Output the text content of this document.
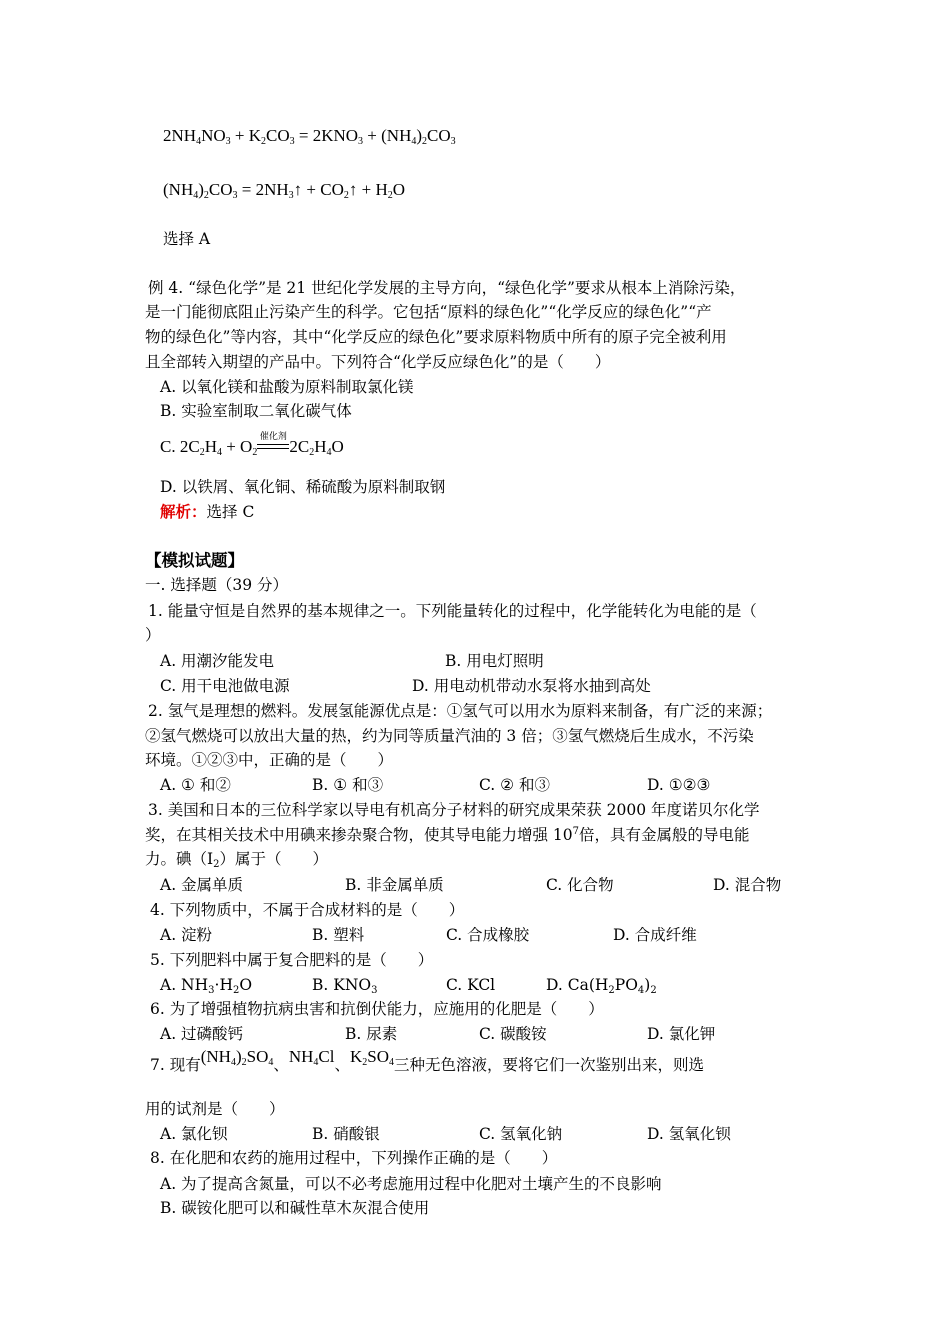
$2NH_4NO_3 + K_2CO_3 = 2KNO_3 + (NH_4)_2CO_3$
$(NH_4)_2CO_3$ = $2NH_3↑$ + $CO_2↑ + H_2O$
选择 A
例 4. “绿色化学”是 21 世纪化学发展的主导方向，“绿色化学”要求从根本上消除污染，
是一门能彻底阻止污染产生的科学。它包括“原料的绿色化”“化学反应的绿色化”“产
物的绿色化”等内容，其中“化学反应的绿色化”要求原料物质中所有的原子完全被利用
且全部转入期望的产品中。下列符合“化学反应绿色化”的是（　　）
A. 以氧化镁和盐酸为原料制取氯化镁
B. 实验室制取二氧化碳气体
C. $2C_2H_4 + O_2$
催化剂
$2C_2H_4O$
D. 以铁屑、氧化铜、稀硫酸为原料制取钢
解析：选择 C
【模拟试题】
一. 选择题（39 分）
1. 能量守恒是自然界的基本规律之一。下列能量转化的过程中，化学能转化为电能的是（
）
A. 用潮汐能发电	B. 用电灯照明
C. 用干电池做电源	D. 用电动机带动水泵将水抽到高处
2. 氢气是理想的燃料。发展氢能源优点是：①氢气可以用水为原料来制备，有广泛的来源；
②氢气燃烧可以放出大量的热，约为同等质量汽油的 3 倍；③氢气燃烧后生成水，不污染
环境。①②③中，正确的是（　　）
A. ① 和②	B. ① 和③	C. ② 和③	D. ①②③
3. 美国和日本的三位科学家以导电有机高分子材料的研究成果荣获 2000 年度诺贝尔化学
奖，在其相关技术中用碘来掺杂聚合物，使其导电能力增强 $10^7$倍，具有金属般的导电能
力。碘$(I_2)$属于（　　）
A. 金属单质	B. 非金属单质	C. 化合物	D. 混合物
4. 下列物质中，不属于合成材料的是（　　）
A. 淀粉	B. 塑料	C. 合成橡胶	D. 合成纤维
5. 下列肥料中属于复合肥料的是（　　）
A. $NH_3\cdot H_2O$	B. $KNO_3$	C. KCl	D. $Ca(H_2PO_4)_2$
6. 为了增强植物抗病虫害和抗倒伏能力，应施用的化肥是（　　）
A. 过磷酸钙	B. 尿素	C. 碳酸铵	D. 氯化钾
7. 现有$(NH_4)_2SO_4$、$NH_4Cl$、$K_2SO_4$三种无色溶液，要将它们一次鉴别出来，则选
用的试剂是（　　）
A. 氯化钡	B. 硝酸银	C. 氢氧化钠	D. 氢氧化钡
8. 在化肥和农药的施用过程中，下列操作正确的是（　　）
A. 为了提高含氮量，可以不必考虑施用过程中化肥对土壤产生的不良影响
B. 碳铵化肥可以和碱性草木灰混合使用
